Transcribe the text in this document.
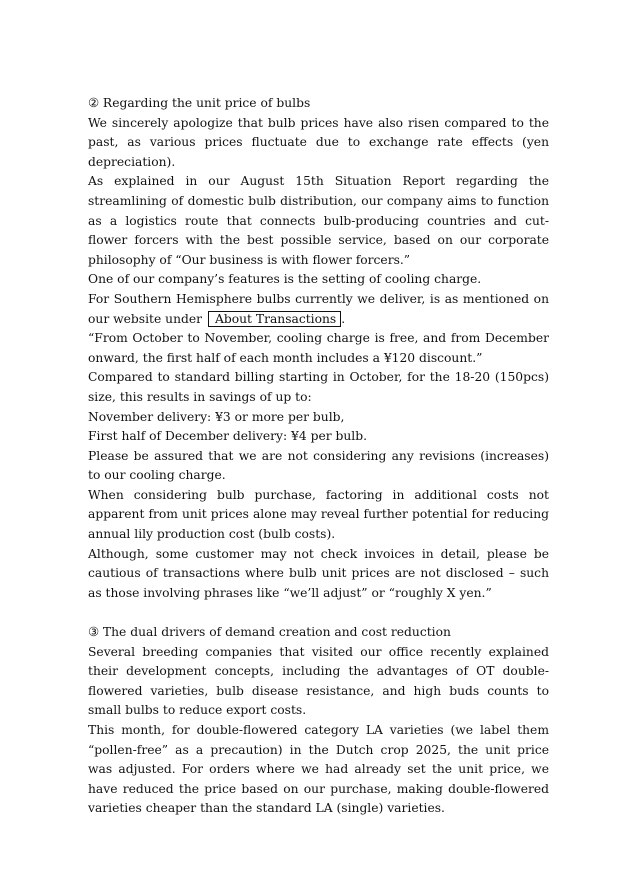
② Regarding the unit price of bulbs
We sincerely apologize that bulb prices have also risen compared to the
past, as various prices fluctuate due to exchange rate effects (yen
depreciation).
As explained in our August 15th Situation Report regarding the
streamlining of domestic bulb distribution, our company aims to function
as a logistics route that connects bulb-producing countries and cut-
flower forcers with the best possible service, based on our corporate
philosophy of “Our business is with flower forcers.”
One of our company’s features is the setting of cooling charge.
For Southern Hemisphere bulbs currently we deliver, is as mentioned on
our website under About Transactions .
“From October to November, cooling charge is free, and from December
onward, the first half of each month includes a ¥120 discount.”
Compared to standard billing starting in October, for the 18-20 (150pcs)
size, this results in savings of up to:
November delivery: ¥3 or more per bulb,
First half of December delivery: ¥4 per bulb.
Please be assured that we are not considering any revisions (increases)
to our cooling charge.
When considering bulb purchase, factoring in additional costs not
apparent from unit prices alone may reveal further potential for reducing
annual lily production cost (bulb costs).
Although, some customer may not check invoices in detail, please be
cautious of transactions where bulb unit prices are not disclosed – such
as those involving phrases like “we’ll adjust” or “roughly X yen.”
③ The dual drivers of demand creation and cost reduction
Several breeding companies that visited our office recently explained
their development concepts, including the advantages of OT double-
flowered varieties, bulb disease resistance, and high buds counts to
small bulbs to reduce export costs.
This month, for double-flowered category LA varieties (we label them
“pollen-free” as a precaution) in the Dutch crop 2025, the unit price
was adjusted. For orders where we had already set the unit price, we
have reduced the price based on our purchase, making double-flowered
varieties cheaper than the standard LA (single) varieties.
